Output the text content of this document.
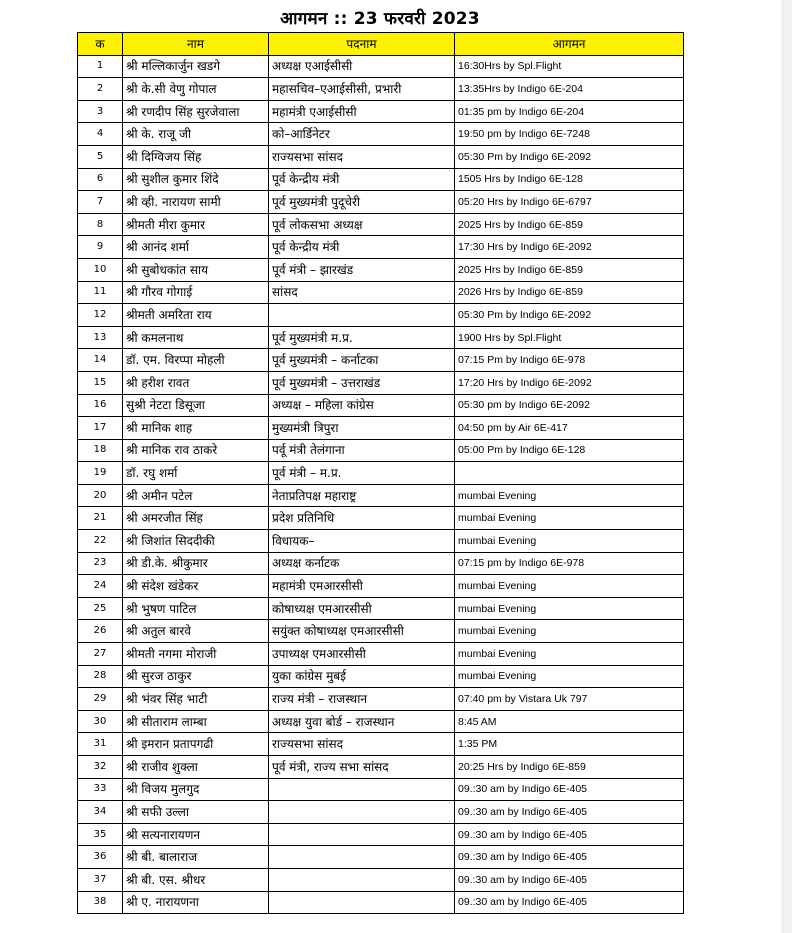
आगमन :: 23 फरवरी 2023
क	नाम	पदनाम	आगमन
1	श्री मल्लिकार्जुन खडगे	अध्यक्ष एआईसीसी	16:30Hrs by Spl.Flight
2	श्री के.सी वेणु गोपाल	महासचिव–एआईसीसी, प्रभारी	13:35Hrs by Indigo 6E-204
3	श्री रणदीप सिंह सुरजेवाला	महामंत्री एआईसीसी	01:35 pm by Indigo 6E-204
4	श्री के. राजू जी	को–आर्डिनेटर	19:50 pm by Indigo 6E-7248
5	श्री दिग्विजय सिंह	राज्यसभा सांसद	05:30 Pm by Indigo 6E-2092
6	श्री सुशील कुमार शिंदे	पूर्व केन्द्रीय मंत्री	1505 Hrs by Indigo 6E-128
7	श्री व्ही. नारायण सामी	पूर्व मुख्यमंत्री पुदूचेरी	05:20 Hrs by Indigo 6E-6797
8	श्रीमती मीरा कुमार	पूर्व लोकसभा अध्यक्ष	2025 Hrs by Indigo 6E-859
9	श्री आनंद शर्मा	पूर्व केन्द्रीय मंत्री	17:30 Hrs by Indigo 6E-2092
10	श्री सुबोधकांत साय	पूर्व मंत्री – झारखंड	2025 Hrs by Indigo 6E-859
11	श्री गौरव गोगाई	सांसद	2026 Hrs by Indigo 6E-859
12	श्रीमती अमरिता राय		05:30 Pm by Indigo 6E-2092
13	श्री कमलनाथ	पूर्व मुख्यमंत्री म.प्र.	1900 Hrs by Spl.Flight
14	डॉ. एम. विरप्पा मोहली	पूर्व मुख्यमंत्री – कर्नाटका	07:15 Pm by Indigo 6E-978
15	श्री हरीश रावत	पूर्व मुख्यमंत्री – उत्तराखंड	17:20 Hrs by Indigo 6E-2092
16	सुश्री नेटटा डिसूजा	अध्यक्ष – महिला कांग्रेस	05:30 pm by Indigo 6E-2092
17	श्री मानिक शाह	मुख्यमंत्री त्रिपुरा	04:50 pm by Air 6E-417
18	श्री मानिक राव ठाकरे	पर्वू मंत्री तेलंगाना	05:00 Pm by Indigo 6E-128
19	डॉ. रघु शर्मा	पूर्व मंत्री – म.प्र.	
20	श्री अमीन पटेल	नेताप्रतिपक्ष महाराष्ट्र	mumbai Evening
21	श्री अमरजीत सिंह	प्रदेश प्रतिनिधि	mumbai Evening
22	श्री जिशांत सिददीकी	विधायक–	mumbai Evening
23	श्री डी.के. श्रीकुमार	अध्यक्ष कर्नाटक	07:15 pm by Indigo 6E-978
24	श्री संदेश खंडेकर	महामंत्री एमआरसीसी	mumbai Evening
25	श्री भुषण पाटिल	कोषाध्यक्ष एमआरसीसी	mumbai Evening
26	श्री अतुल बारवे	सयुंक्त कोषाध्यक्ष एमआरसीसी	mumbai Evening
27	श्रीमती नगमा मोराजी	उपाध्यक्ष एमआरसीसी	mumbai Evening
28	श्री सुरज ठाकुर	युका कांग्रेस मुबई	mumbai Evening
29	श्री भंवर सिंह भाटी	राज्य मंत्री – राजस्थान	07:40 pm by Vistara Uk 797
30	श्री सीताराम लाम्बा	अध्यक्ष युवा बोर्ड – राजस्थान	8:45 AM
31	श्री इमरान प्रतापगढी	राज्यसभा सांसद	1:35 PM
32	श्री राजीव शुक्ला	पूर्व मंत्री, राज्य सभा सांसद	20:25 Hrs by Indigo 6E-859
33	श्री विजय मुलगुद		09.:30 am by Indigo 6E-405
34	श्री सफी उल्ला		09.:30 am by Indigo 6E-405
35	श्री सत्यनारायणन		09.:30 am by Indigo 6E-405
36	श्री बी. बालाराज		09.:30 am by Indigo 6E-405
37	श्री बी. एस. श्रीधर		09.:30 am by Indigo 6E-405
38	श्री ए. नारायणना		09.:30 am by Indigo 6E-405
